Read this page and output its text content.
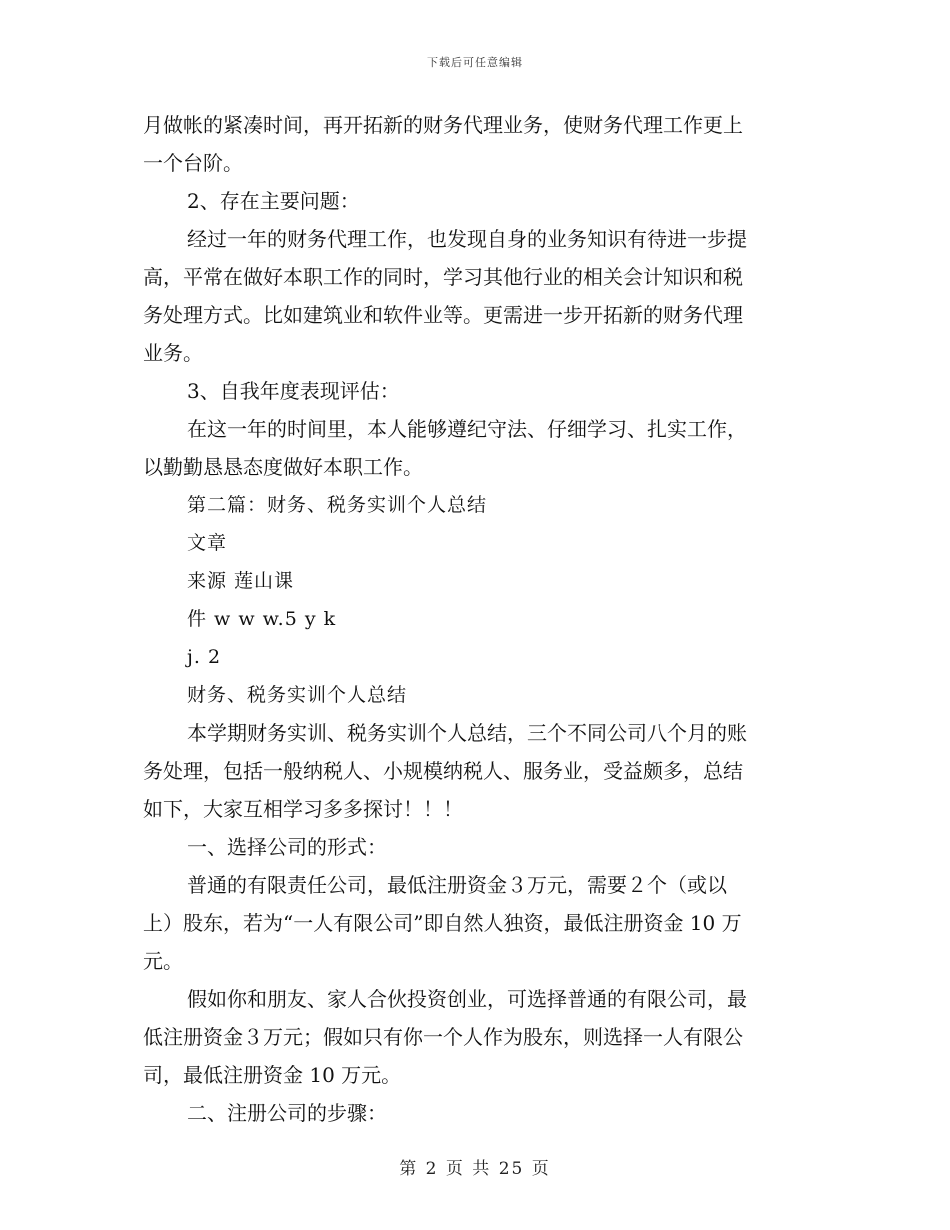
下载后可任意编辑
月做帐的紧凑时间，再开拓新的财务代理业务，使财务代理工作更上
一个台阶。
2、存在主要问题：
经过一年的财务代理工作，也发现自身的业务知识有待进一步提
高，平常在做好本职工作的同时，学习其他行业的相关会计知识和税
务处理方式。比如建筑业和软件业等。更需进一步开拓新的财务代理
业务。
3、自我年度表现评估：
在这一年的时间里，本人能够遵纪守法、仔细学习、扎实工作，
以勤勤恳恳态度做好本职工作。
第二篇：财务、税务实训个人总结
文章
来源 莲山课
件 w w w.5 y k
j. 2
财务、税务实训个人总结
本学期财务实训、税务实训个人总结，三个不同公司八个月的账
务处理，包括一般纳税人、小规模纳税人、服务业，受益颇多，总结
如下，大家互相学习多多探讨！！！
一、选择公司的形式：
普通的有限责任公司，最低注册资金３万元，需要２个（或以
上）股东，若为“一人有限公司”即自然人独资，最低注册资金 10 万
元。
假如你和朋友、家人合伙投资创业，可选择普通的有限公司，最
低注册资金３万元；假如只有你一个人作为股东，则选择一人有限公
司，最低注册资金 10 万元。
二、注册公司的步骤：
第 2 页 共 25 页
